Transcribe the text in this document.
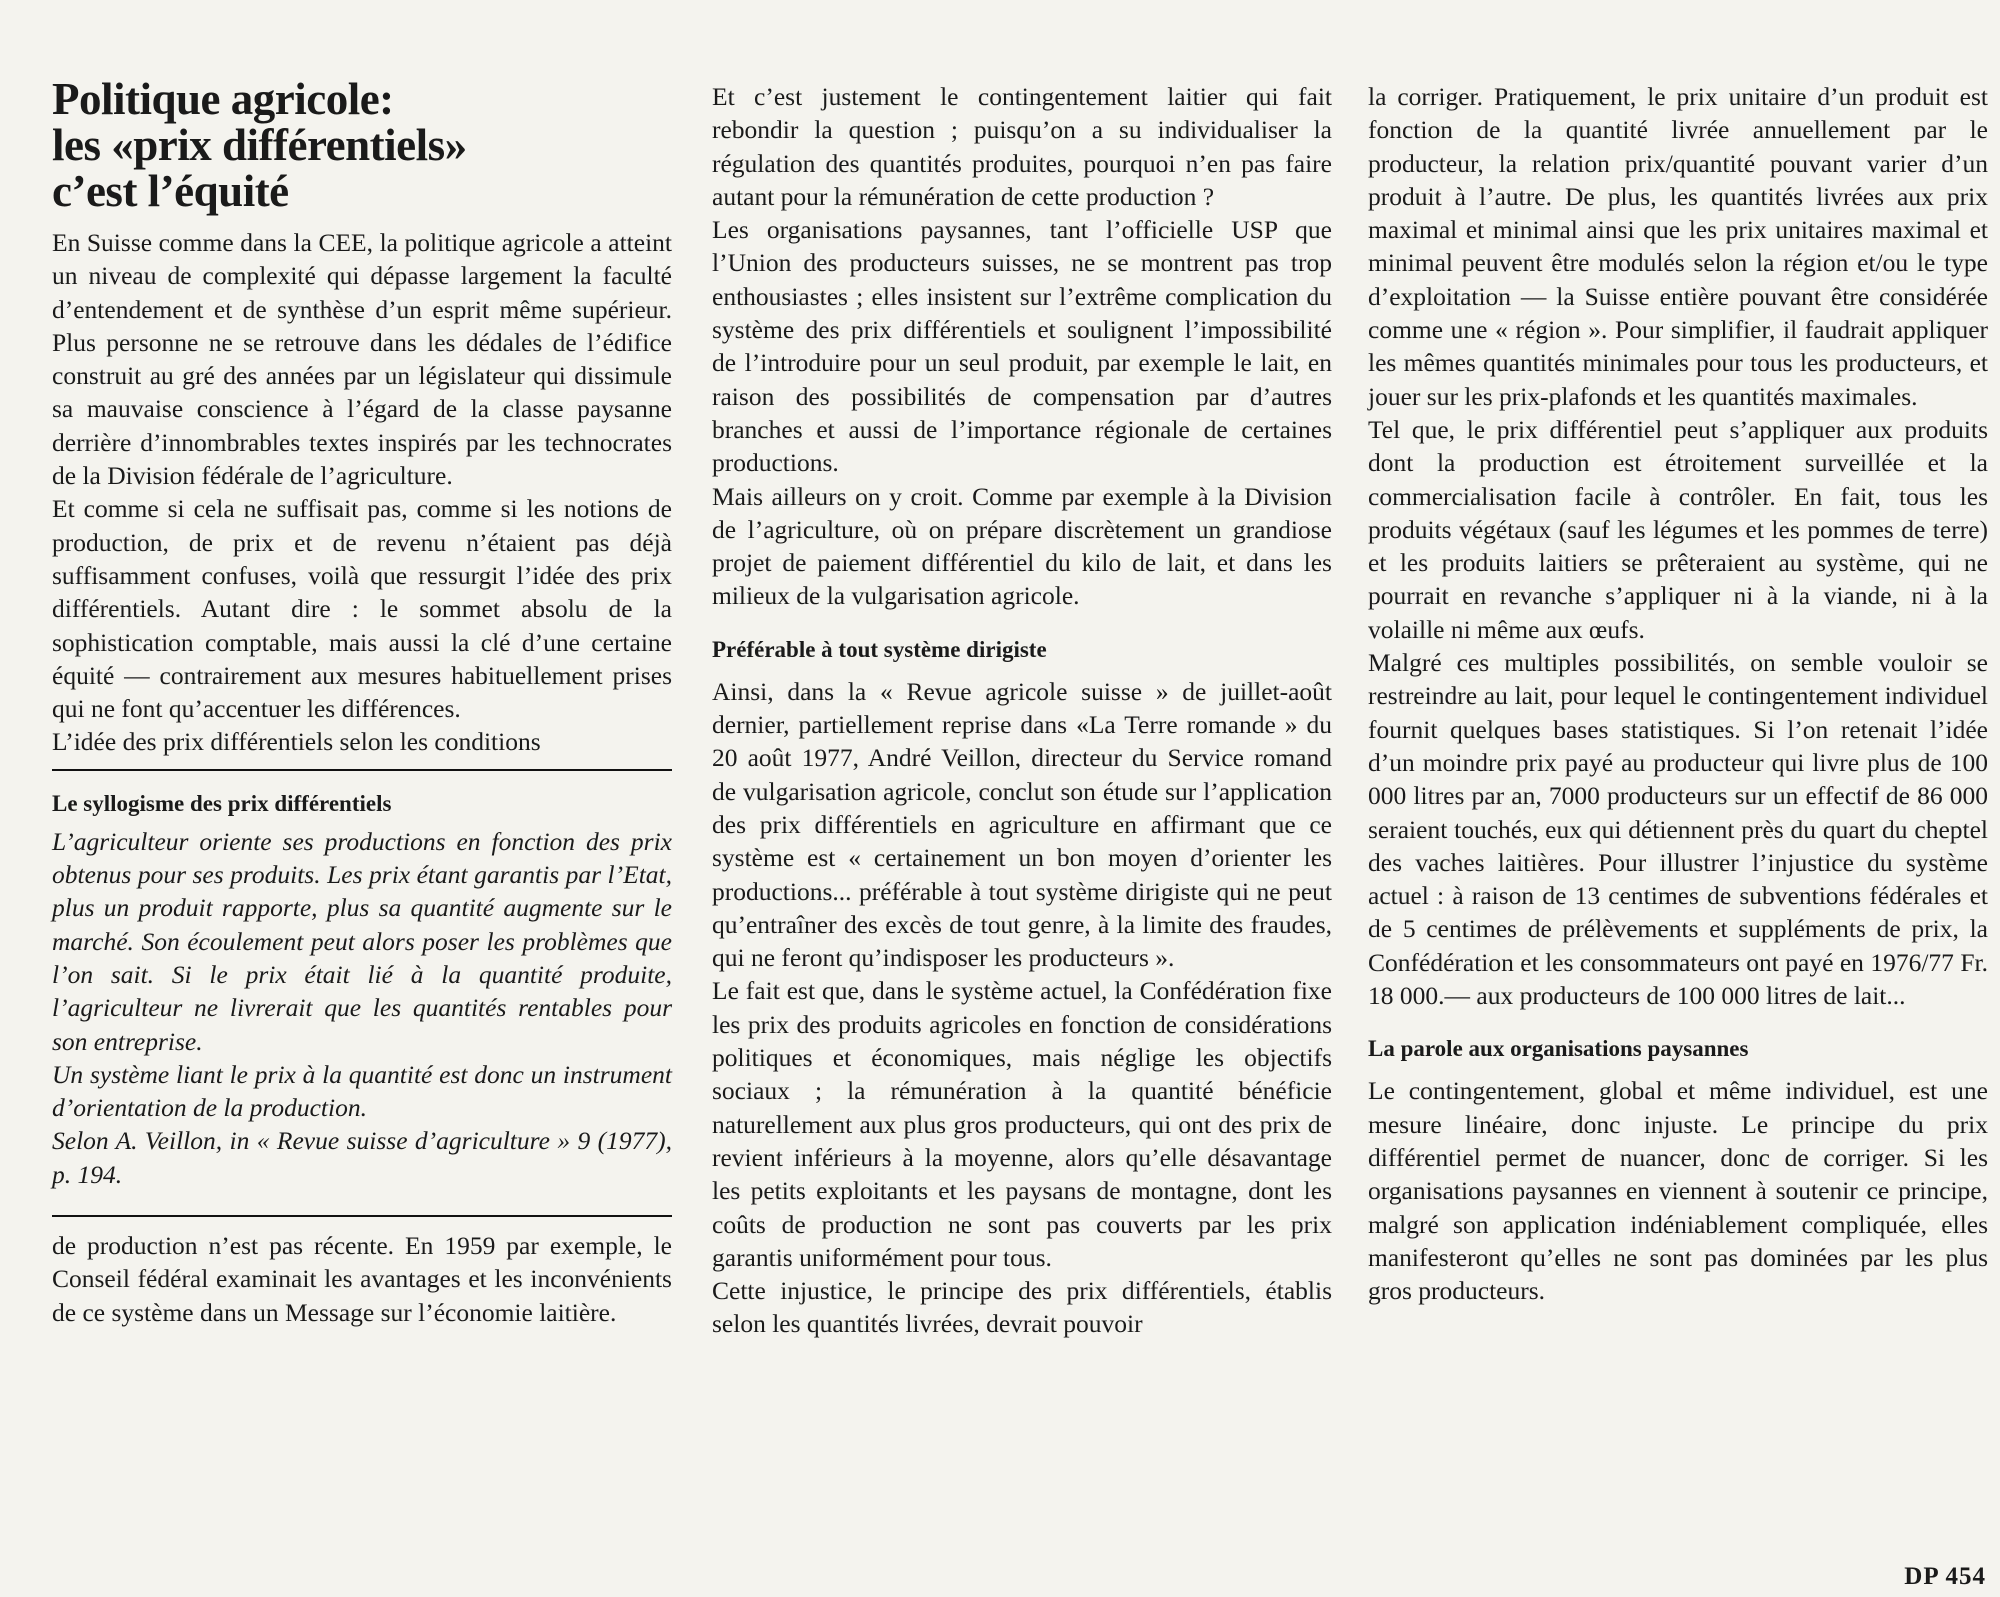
Politique agricole:
les «prix différentiels»
c’est l’équité

En Suisse comme dans la CEE, la politique agricole a atteint un niveau de complexité qui dépasse largement la faculté d’entendement et de synthèse d’un esprit même supérieur. Plus personne ne se retrouve dans les dédales de l’édifice construit au gré des années par un législateur qui dissimule sa mauvaise conscience à l’égard de la classe paysanne derrière d’innombrables textes inspirés par les technocrates de la Division fédérale de l’agriculture.

Et comme si cela ne suffisait pas, comme si les notions de production, de prix et de revenu n’étaient pas déjà suffisamment confuses, voilà que ressurgit l’idée des prix différentiels. Autant dire : le sommet absolu de la sophistication comptable, mais aussi la clé d’une certaine équité — contrairement aux mesures habituellement prises qui ne font qu’accentuer les différences.

L’idée des prix différentiels selon les conditions

Le syllogisme des prix différentiels

L’agriculteur oriente ses productions en fonction des prix obtenus pour ses produits. Les prix étant garantis par l’Etat, plus un produit rapporte, plus sa quantité augmente sur le marché. Son écoulement peut alors poser les problèmes que l’on sait. Si le prix était lié à la quantité produite, l’agriculteur ne livrerait que les quantités rentables pour son entreprise.

Un système liant le prix à la quantité est donc un instrument d’orientation de la production.

Selon A. Veillon, in « Revue suisse d’agriculture » 9 (1977), p. 194.

de production n’est pas récente. En 1959 par exemple, le Conseil fédéral examinait les avantages et les inconvénients de ce système dans un Message sur l’économie laitière.

Et c’est justement le contingentement laitier qui fait rebondir la question ; puisqu’on a su individualiser la régulation des quantités produites, pourquoi n’en pas faire autant pour la rémunération de cette production ?

Les organisations paysannes, tant l’officielle USP que l’Union des producteurs suisses, ne se montrent pas trop enthousiastes ; elles insistent sur l’extrême complication du système des prix différentiels et soulignent l’impossibilité de l’introduire pour un seul produit, par exemple le lait, en raison des possibilités de compensation par d’autres branches et aussi de l’importance régionale de certaines productions.

Mais ailleurs on y croit. Comme par exemple à la Division de l’agriculture, où on prépare discrètement un grandiose projet de paiement différentiel du kilo de lait, et dans les milieux de la vulgarisation agricole.

Préférable à tout système dirigiste

Ainsi, dans la « Revue agricole suisse » de juillet-août dernier, partiellement reprise dans «La Terre romande » du 20 août 1977, André Veillon, directeur du Service romand de vulgarisation agricole, conclut son étude sur l’application des prix différentiels en agriculture en affirmant que ce système est « certainement un bon moyen d’orienter les productions... préférable à tout système dirigiste qui ne peut qu’entraîner des excès de tout genre, à la limite des fraudes, qui ne feront qu’indisposer les producteurs ».

Le fait est que, dans le système actuel, la Confédération fixe les prix des produits agricoles en fonction de considérations politiques et économiques, mais néglige les objectifs sociaux ; la rémunération à la quantité bénéficie naturellement aux plus gros producteurs, qui ont des prix de revient inférieurs à la moyenne, alors qu’elle désavantage les petits exploitants et les paysans de montagne, dont les coûts de production ne sont pas couverts par les prix garantis uniformément pour tous.

Cette injustice, le principe des prix différentiels, établis selon les quantités livrées, devrait pouvoir

la corriger. Pratiquement, le prix unitaire d’un produit est fonction de la quantité livrée annuellement par le producteur, la relation prix/quantité pouvant varier d’un produit à l’autre. De plus, les quantités livrées aux prix maximal et minimal ainsi que les prix unitaires maximal et minimal peuvent être modulés selon la région et/ou le type d’exploitation — la Suisse entière pouvant être considérée comme une « région ». Pour simplifier, il faudrait appliquer les mêmes quantités minimales pour tous les producteurs, et jouer sur les prix-plafonds et les quantités maximales.

Tel que, le prix différentiel peut s’appliquer aux produits dont la production est étroitement surveillée et la commercialisation facile à contrôler. En fait, tous les produits végétaux (sauf les légumes et les pommes de terre) et les produits laitiers se prêteraient au système, qui ne pourrait en revanche s’appliquer ni à la viande, ni à la volaille ni même aux œufs.

Malgré ces multiples possibilités, on semble vouloir se restreindre au lait, pour lequel le contingentement individuel fournit quelques bases statistiques. Si l’on retenait l’idée d’un moindre prix payé au producteur qui livre plus de 100 000 litres par an, 7000 producteurs sur un effectif de 86 000 seraient touchés, eux qui détiennent près du quart du cheptel des vaches laitières. Pour illustrer l’injustice du système actuel : à raison de 13 centimes de subventions fédérales et de 5 centimes de prélèvements et suppléments de prix, la Confédération et les consommateurs ont payé en 1976/77 Fr. 18 000.— aux producteurs de 100 000 litres de lait...

La parole aux organisations paysannes

Le contingentement, global et même individuel, est une mesure linéaire, donc injuste. Le principe du prix différentiel permet de nuancer, donc de corriger. Si les organisations paysannes en viennent à soutenir ce principe, malgré son application indéniablement compliquée, elles manifesteront qu’elles ne sont pas dominées par les plus gros producteurs.

DP 454
